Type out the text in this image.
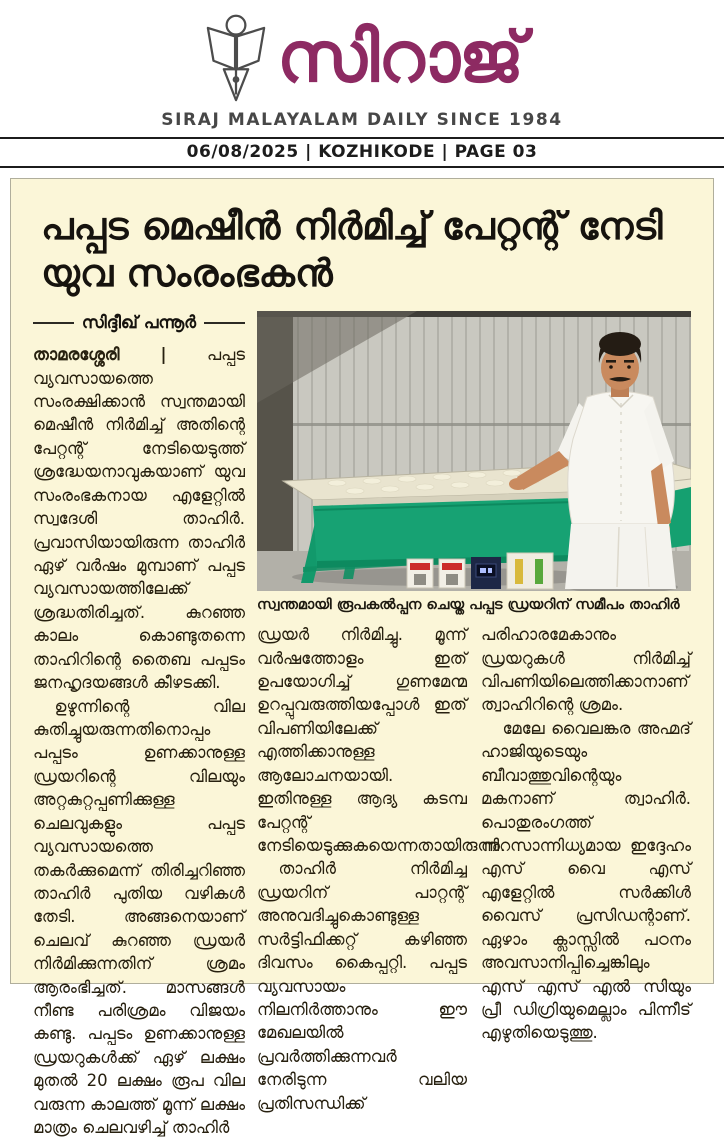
സിറാജ്
SIRAJ MALAYALAM DAILY SINCE 1984
06/08/2025 | KOZHIKODE | PAGE 03
പപ്പട മെഷീൻ നിർമിച്ച് പേറ്റന്റ് നേടി
യുവ സംരംഭകൻ
സിദ്ദീഖ് പന്നൂർ

താമരശ്ശേരി | പപ്പട വ്യവസായത്തെ സംരക്ഷിക്കാൻ സ്വന്തമായി മെഷീൻ നിർമിച്ച് അതിന്റെ പേറ്റന്റ് നേടിയെടുത്ത് ശ്രദ്ധേയനാവുകയാണ് യുവ സംരംഭകനായ എളേറ്റിൽ സ്വദേശി താഹിർ. പ്രവാസിയായിരുന്ന താഹിർ ഏഴ് വർഷം മുമ്പാണ് പപ്പട വ്യവസായത്തിലേക്ക് ശ്രദ്ധതിരിച്ചത്. കുറഞ്ഞ കാലം കൊണ്ടുതന്നെ താഹിറിന്റെ തൈബ പപ്പടം ജനഹൃദയങ്ങൾ കീഴടക്കി.

ഉഴുന്നിന്റെ വില കുതിച്ചുയരുന്നതിനൊപ്പം പപ്പടം ഉണക്കാനുള്ള ഡ്രയറിന്റെ വിലയും അറ്റകുറ്റപ്പണിക്കുള്ള ചെലവുകളും പപ്പട വ്യവസായത്തെ തകർക്കുമെന്ന് തിരിച്ചറിഞ്ഞ താഹിർ പുതിയ വഴികൾ തേടി. അങ്ങനെയാണ് ചെലവ് കുറഞ്ഞ ഡ്രയർ നിർമിക്കുന്നതിന് ശ്രമം ആരംഭിച്ചത്. മാസങ്ങൾ നീണ്ട പരിശ്രമം വിജയം കണ്ടു. പപ്പടം ഉണക്കാനുള്ള ഡ്രയറുകൾക്ക് ഏഴ് ലക്ഷം മുതൽ 20 ലക്ഷം രൂപ വില വരുന്ന കാലത്ത് മൂന്ന് ലക്ഷം മാത്രം ചെലവഴിച്ച് താഹിർ

സ്വന്തമായി രൂപകൽപ്പന ചെയ്ത പപ്പട ഡ്രയറിന് സമീപം താഹിർ

ഡ്രയർ നിർമിച്ചു. മൂന്ന് വർഷത്തോളം ഇത് ഉപയോഗിച്ച് ഗുണമേന്മ ഉറപ്പുവരുത്തിയപ്പോൾ ഇത് വിപണിയിലേക്ക് എത്തിക്കാനുള്ള ആലോചനയായി. ഇതിനുള്ള ആദ്യ കടമ്പ പേറ്റന്റ് നേടിയെടുക്കുകയെന്നതായിരുന്നു.

താഹിർ നിർമിച്ച ഡ്രയറിന് പാറ്റന്റ് അനുവദിച്ചുകൊണ്ടുള്ള സർട്ടിഫിക്കറ്റ് കഴിഞ്ഞ ദിവസം കൈപ്പറ്റി. പപ്പട വ്യവസായം നിലനിർത്താനും ഈ മേഖലയിൽ പ്രവർത്തിക്കുന്നവർ നേരിടുന്ന വലിയ പ്രതിസന്ധിക്ക്

പരിഹാരമേകാനും ഡ്രയറുകൾ നിർമിച്ച് വിപണിയിലെത്തിക്കാനാണ് ത്വാഹിറിന്റെ ശ്രമം.

മേലേ വൈലങ്കര അഹ്മദ് ഹാജിയുടെയും ബീവാത്തുവിന്റെയും മകനാണ് ത്വാഹിർ. പൊതുരംഗത്ത് നിറസാന്നിധ്യമായ ഇദ്ദേഹം എസ് വൈ എസ് എളേറ്റിൽ സർക്കിൾ വൈസ് പ്രസിഡന്റാണ്. ഏഴാം ക്ലാസ്സിൽ പഠനം അവസാനിപ്പിച്ചെങ്കിലും എസ് എസ് എൽ സിയും പ്രീ ഡിഗ്രിയുമെല്ലാം പിന്നീട് എഴുതിയെടുത്തു.
